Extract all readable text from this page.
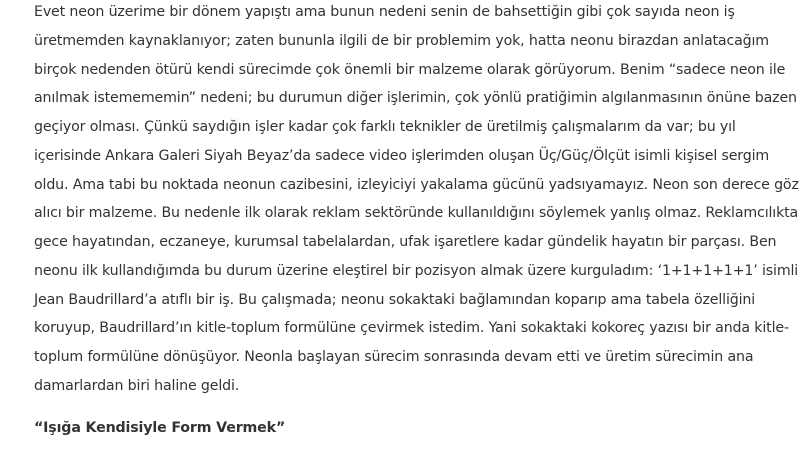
Evet neon üzerime bir dönem yapıştı ama bunun nedeni senin de bahsettiğin gibi çok sayıda neon iş
üretmemden kaynaklanıyor; zaten bununla ilgili de bir problemim yok, hatta neonu birazdan anlatacağım
birçok nedenden ötürü kendi sürecimde çok önemli bir malzeme olarak görüyorum. Benim “sadece neon ile
anılmak istemememin” nedeni; bu durumun diğer işlerimin, çok yönlü pratiğimin algılanmasının önüne bazen
geçiyor olması. Çünkü saydığın işler kadar çok farklı teknikler de üretilmiş çalışmalarım da var; bu yıl
içerisinde Ankara Galeri Siyah Beyaz’da sadece video işlerimden oluşan Üç/Güç/Ölçüt isimli kişisel sergim
oldu. Ama tabi bu noktada neonun cazibesini, izleyiciyi yakalama gücünü yadsıyamayız. Neon son derece göz
alıcı bir malzeme. Bu nedenle ilk olarak reklam sektöründe kullanıldığını söylemek yanlış olmaz. Reklamcılıkta
gece hayatından, eczaneye, kurumsal tabelalardan, ufak işaretlere kadar gündelik hayatın bir parçası. Ben
neonu ilk kullandığımda bu durum üzerine eleştirel bir pozisyon almak üzere kurguladım: ‘1+1+1+1+1’ isimli
Jean Baudrillard’a atıflı bir iş. Bu çalışmada; neonu sokaktaki bağlamından koparıp ama tabela özelliğini
koruyup, Baudrillard’ın kitle-toplum formülüne çevirmek istedim. Yani sokaktaki kokoreç yazısı bir anda kitle-
toplum formülüne dönüşüyor. Neonla başlayan sürecim sonrasında devam etti ve üretim sürecimin ana
damarlardan biri haline geldi.

“Işığa Kendisiyle Form Vermek”
